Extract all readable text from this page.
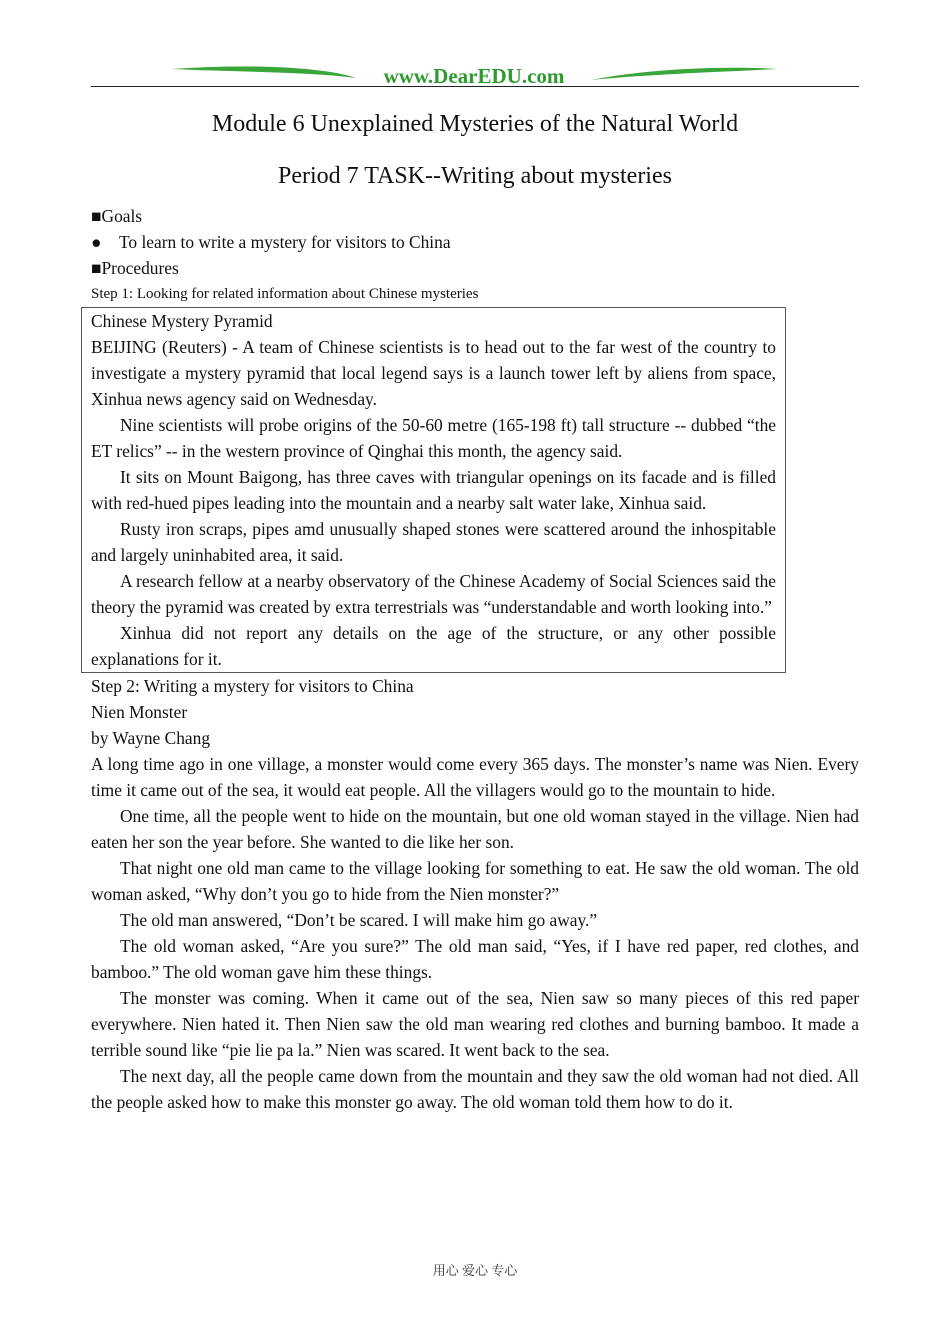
www.DearEDU.com
Module 6 Unexplained Mysteries of the Natural World
Period 7 TASK--Writing about mysteries
■Goals
● To learn to write a mystery for visitors to China
■Procedures
Step 1: Looking for related information about Chinese mysteries
Chinese Mystery Pyramid

BEIJING (Reuters) - A team of Chinese scientists is to head out to the far west of the country to investigate a mystery pyramid that local legend says is a launch tower left by aliens from space, Xinhua news agency said on Wednesday.

Nine scientists will probe origins of the 50-60 metre (165-198 ft) tall structure -- dubbed “the ET relics” -- in the western province of Qinghai this month, the agency said.

It sits on Mount Baigong, has three caves with triangular openings on its facade and is filled with red-hued pipes leading into the mountain and a nearby salt water lake, Xinhua said.

Rusty iron scraps, pipes amd unusually shaped stones were scattered around the inhospitable and largely uninhabited area, it said.

A research fellow at a nearby observatory of the Chinese Academy of Social Sciences said the theory the pyramid was created by extra terrestrials was “understandable and worth looking into.”

Xinhua did not report any details on the age of the structure, or any other possible explanations for it.

Step 2: Writing a mystery for visitors to China
Nien Monster
by Wayne Chang

A long time ago in one village, a monster would come every 365 days. The monster’s name was Nien. Every time it came out of the sea, it would eat people. All the villagers would go to the mountain to hide.

One time, all the people went to hide on the mountain, but one old woman stayed in the village. Nien had eaten her son the year before. She wanted to die like her son.

That night one old man came to the village looking for something to eat. He saw the old woman. The old woman asked, “Why don’t you go to hide from the Nien monster?”

The old man answered, “Don’t be scared. I will make him go away.”

The old woman asked, “Are you sure?” The old man said, “Yes, if I have red paper, red clothes, and bamboo.” The old woman gave him these things.

The monster was coming. When it came out of the sea, Nien saw so many pieces of this red paper everywhere. Nien hated it. Then Nien saw the old man wearing red clothes and burning bamboo. It made a terrible sound like “pie lie pa la.” Nien was scared. It went back to the sea.

The next day, all the people came down from the mountain and they saw the old woman had not died. All the people asked how to make this monster go away. The old woman told them how to do it.

用心 爱心 专心
